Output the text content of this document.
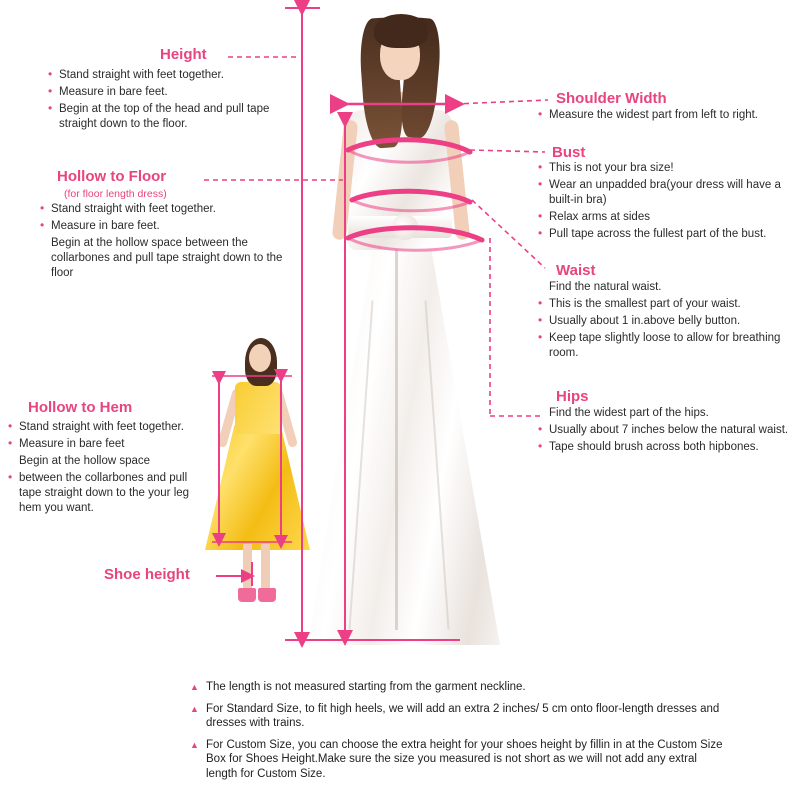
Height
• Stand straight with feet together.
• Measure in bare feet.
• Begin at the top of the head and pull tape straight down to the floor.
Hollow to Floor
(for floor length dress)
• Stand straight with feet together.
• Measure in bare feet.
Begin at the hollow space between the collarbones and pull tape straight down to the floor
Hollow to Hem
• Stand straight with feet together.
• Measure in bare feet
Begin at the hollow space
• between the collarbones and pull tape straight down to the your leg hem you want.
Shoe height
Shoulder Width
• Measure the widest part from left to right.
Bust
• This is not your bra size!
• Wear an unpadded bra(your dress will have a built-in bra)
• Relax arms at sides
• Pull tape across the fullest part of the bust.
Waist
Find the natural waist.
• This is the smallest part of your waist.
• Usually about 1 in.above belly button.
• Keep tape slightly loose to allow for breathing room.
Hips
Find the widest part of the hips.
• Usually about 7 inches below the natural waist.
• Tape should brush across both hipbones.
▲ The length is not measured starting from the garment neckline.
▲ For Standard Size, to fit high heels, we will add an extra 2 inches/ 5 cm onto floor-length dresses and dresses with trains.
▲ For Custom Size, you can choose the extra height for your shoes height by fillin in at the Custom Size Box for Shoes Height.Make sure the size you measured is not short as we will not add any extral length for Custom Size.
